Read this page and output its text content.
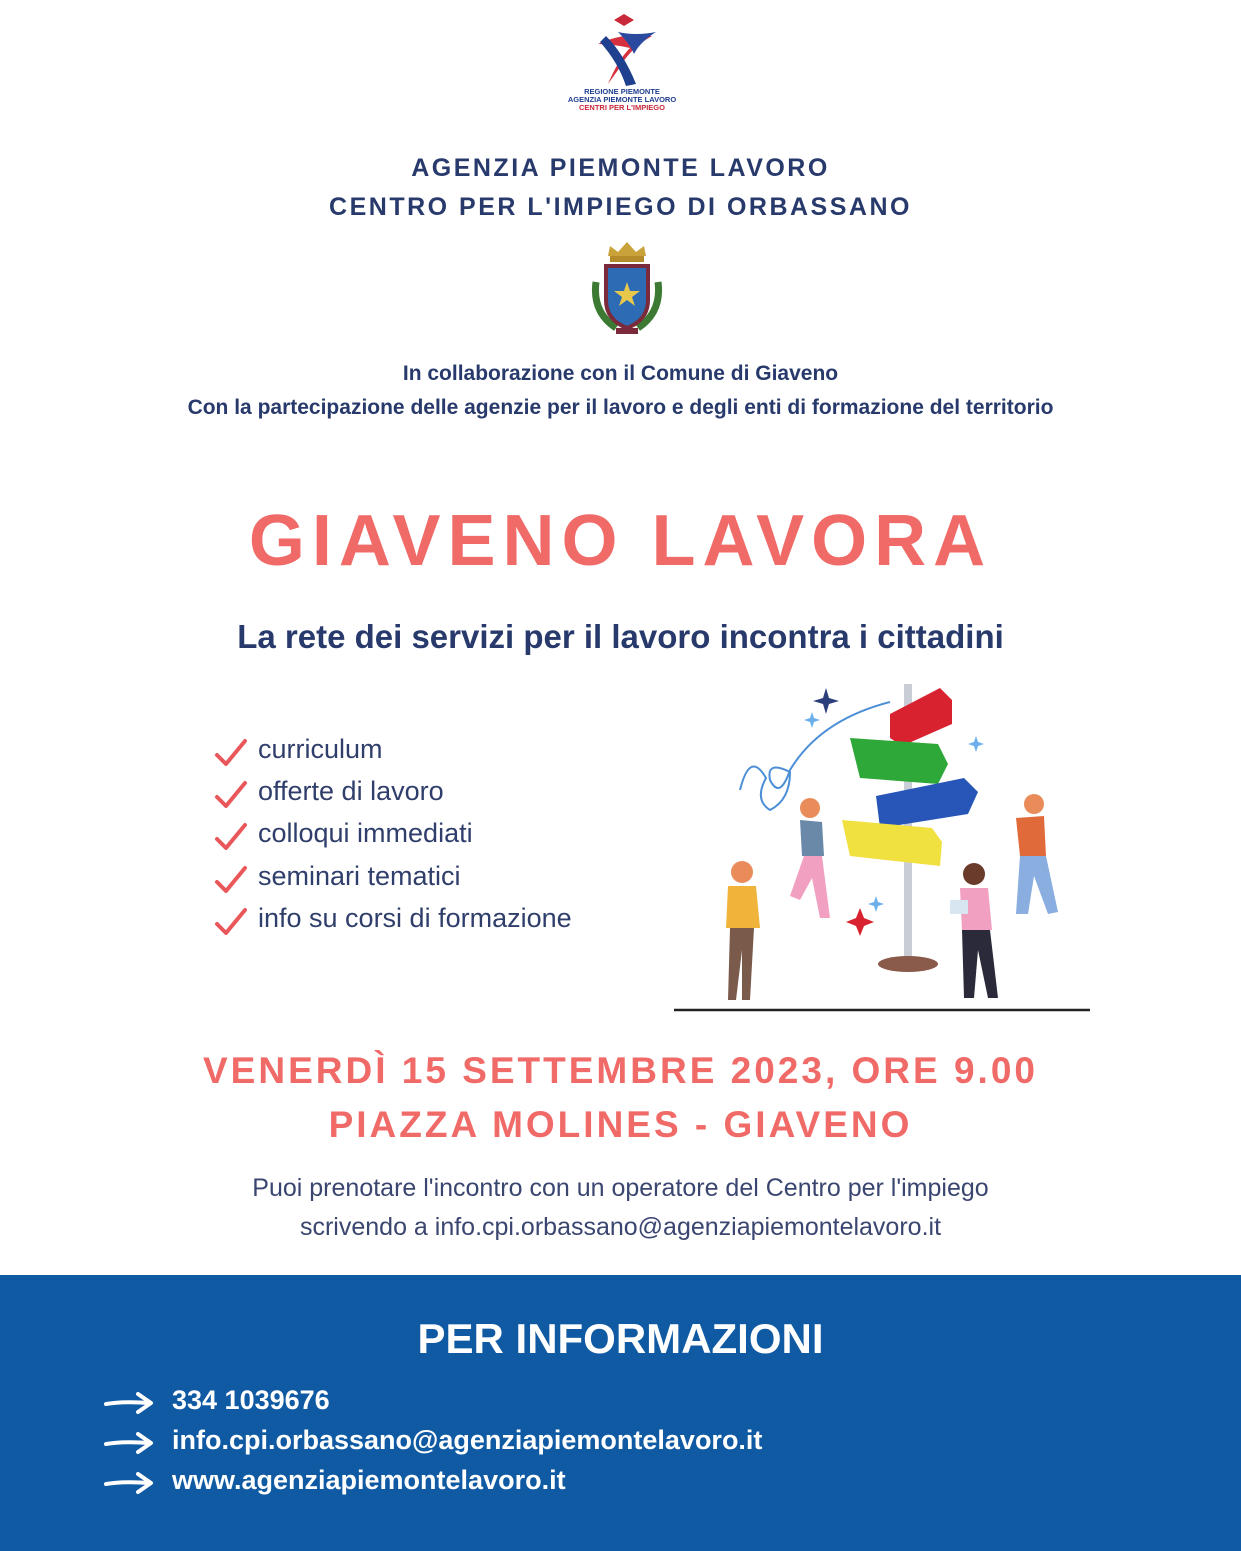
REGIONE PIEMONTE
AGENZIA PIEMONTE LAVORO
CENTRI PER L'IMPIEGO
AGENZIA PIEMONTE LAVORO
CENTRO PER L'IMPIEGO DI ORBASSANO
In collaborazione con il Comune di Giaveno
Con la partecipazione delle agenzie per il lavoro e degli enti di formazione del territorio
GIAVENO LAVORA
La rete dei servizi per il lavoro incontra i cittadini
curriculum
offerte di lavoro
colloqui immediati
seminari tematici
info su corsi di formazione
VENERDÌ 15 SETTEMBRE 2023, ORE 9.00
PIAZZA MOLINES - GIAVENO
Puoi prenotare l'incontro con un operatore del Centro per l'impiego
scrivendo a info.cpi.orbassano@agenziapiemontelavoro.it
PER INFORMAZIONI
334 1039676
info.cpi.orbassano@agenziapiemontelavoro.it
www.agenziapiemontelavoro.it
